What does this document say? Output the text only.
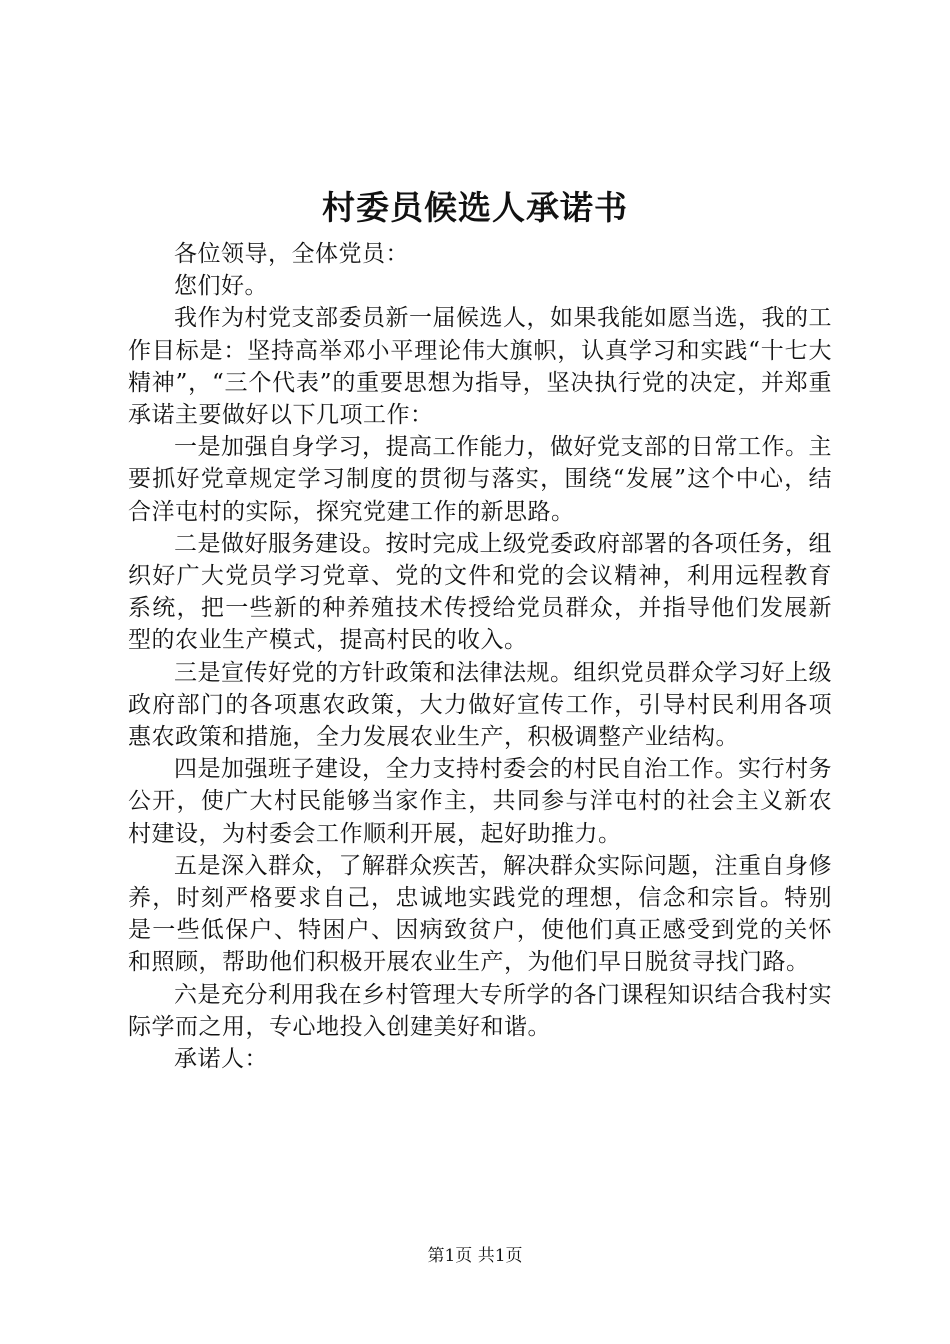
村委员候选人承诺书

各位领导，全体党员：

您们好。

我作为村党支部委员新一届候选人，如果我能如愿当选，我的工作目标是：坚持高举邓小平理论伟大旗帜，认真学习和实践“十七大精神”，“三个代表”的重要思想为指导，坚决执行党的决定，并郑重承诺主要做好以下几项工作：

一是加强自身学习，提高工作能力，做好党支部的日常工作。主要抓好党章规定学习制度的贯彻与落实，围绕“发展”这个中心，结合洋屯村的实际，探究党建工作的新思路。

二是做好服务建设。按时完成上级党委政府部署的各项任务，组织好广大党员学习党章、党的文件和党的会议精神，利用远程教育系统，把一些新的种养殖技术传授给党员群众，并指导他们发展新型的农业生产模式，提高村民的收入。

三是宣传好党的方针政策和法律法规。组织党员群众学习好上级政府部门的各项惠农政策，大力做好宣传工作，引导村民利用各项惠农政策和措施，全力发展农业生产，积极调整产业结构。

四是加强班子建设，全力支持村委会的村民自治工作。实行村务公开，使广大村民能够当家作主，共同参与洋屯村的社会主义新农村建设，为村委会工作顺利开展，起好助推力。

五是深入群众，了解群众疾苦，解决群众实际问题，注重自身修养，时刻严格要求自己，忠诚地实践党的理想，信念和宗旨。特别是一些低保户、特困户、因病致贫户，使他们真正感受到党的关怀和照顾，帮助他们积极开展农业生产，为他们早日脱贫寻找门路。

六是充分利用我在乡村管理大专所学的各门课程知识结合我村实际学而之用，专心地投入创建美好和谐。

承诺人：

第1页 共1页
